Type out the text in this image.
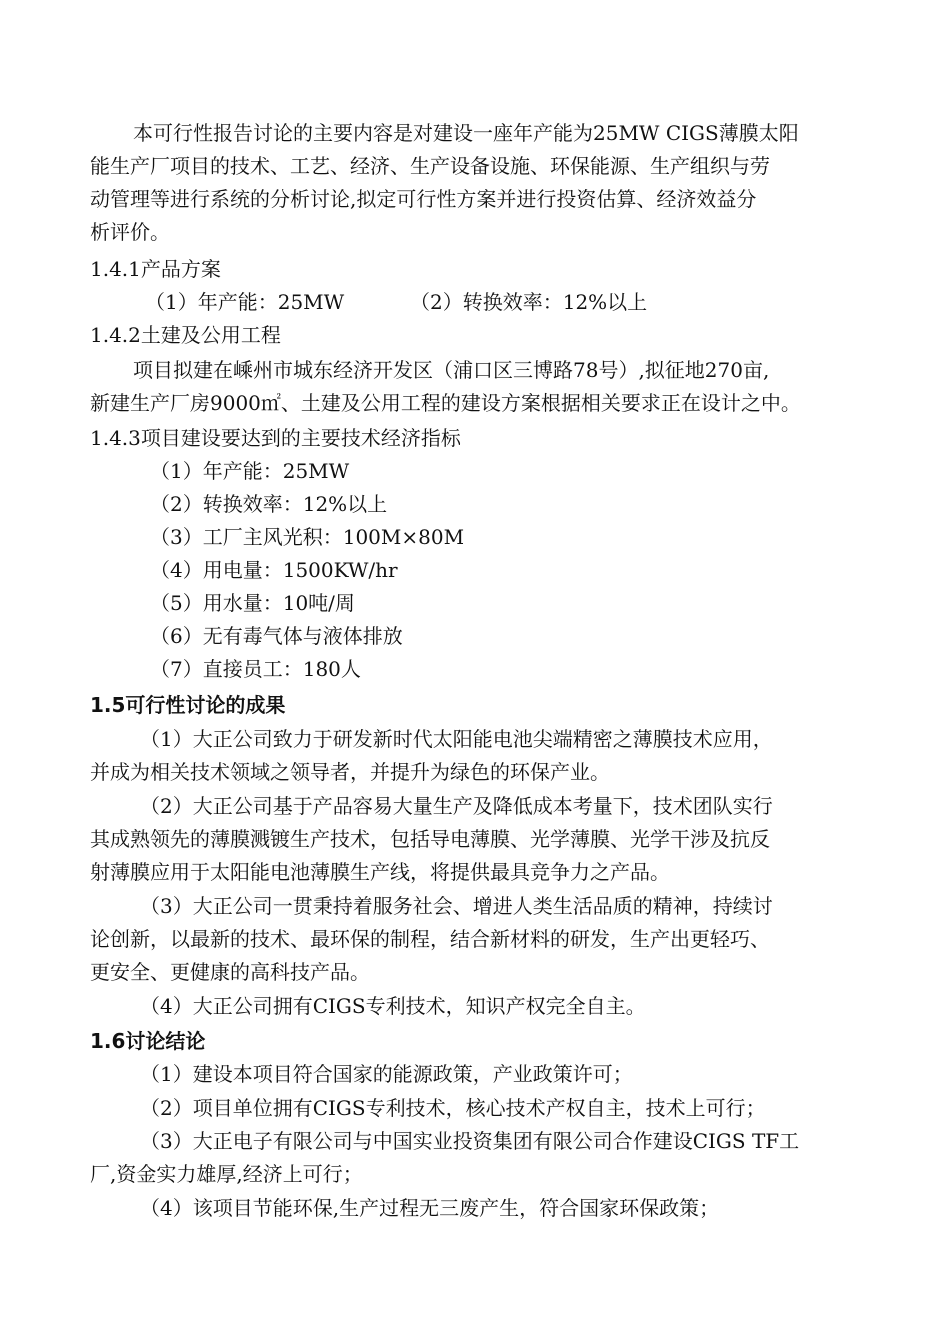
本可行性报告讨论的主要内容是对建设一座年产能为25MW CIGS薄膜太阳
能生产厂项目的技术、工艺、经济、生产设备设施、环保能源、生产组织与劳
动管理等进行系统的分析讨论,拟定可行性方案并进行投资估算、经济效益分
析评价。
1.4.1产品方案
（1）年产能：25MW	（2）转换效率：12%以上
1.4.2土建及公用工程
项目拟建在嵊州市城东经济开发区（浦口区三博路78号）,拟征地270亩,
新建生产厂房9000㎡、土建及公用工程的建设方案根据相关要求正在设计之中。
1.4.3项目建设要达到的主要技术经济指标
（1）年产能：25MW
（2）转换效率：12%以上
（3）工厂主风光积：100M×80M
（4）用电量：1500KW/hr
（5）用水量：10吨/周
（6）无有毒气体与液体排放
（7）直接员工：180人
1.5可行性讨论的成果
（1）大正公司致力于研发新时代太阳能电池尖端精密之薄膜技术应用，
并成为相关技术领域之领导者，并提升为绿色的环保产业。
（2）大正公司基于产品容易大量生产及降低成本考量下，技术团队实行
其成熟领先的薄膜溅镀生产技术，包括导电薄膜、光学薄膜、光学干涉及抗反
射薄膜应用于太阳能电池薄膜生产线，将提供最具竞争力之产品。
（3）大正公司一贯秉持着服务社会、增进人类生活品质的精神，持续讨
论创新，以最新的技术、最环保的制程，结合新材料的研发，生产出更轻巧、
更安全、更健康的高科技产品。
（4）大正公司拥有CIGS专利技术，知识产权完全自主。
1.6讨论结论
（1）建设本项目符合国家的能源政策，产业政策许可；
（2）项目单位拥有CIGS专利技术，核心技术产权自主，技术上可行；
（3）大正电子有限公司与中国实业投资集团有限公司合作建设CIGS TF工
厂,资金实力雄厚,经济上可行；
（4）该项目节能环保,生产过程无三废产生，符合国家环保政策；
